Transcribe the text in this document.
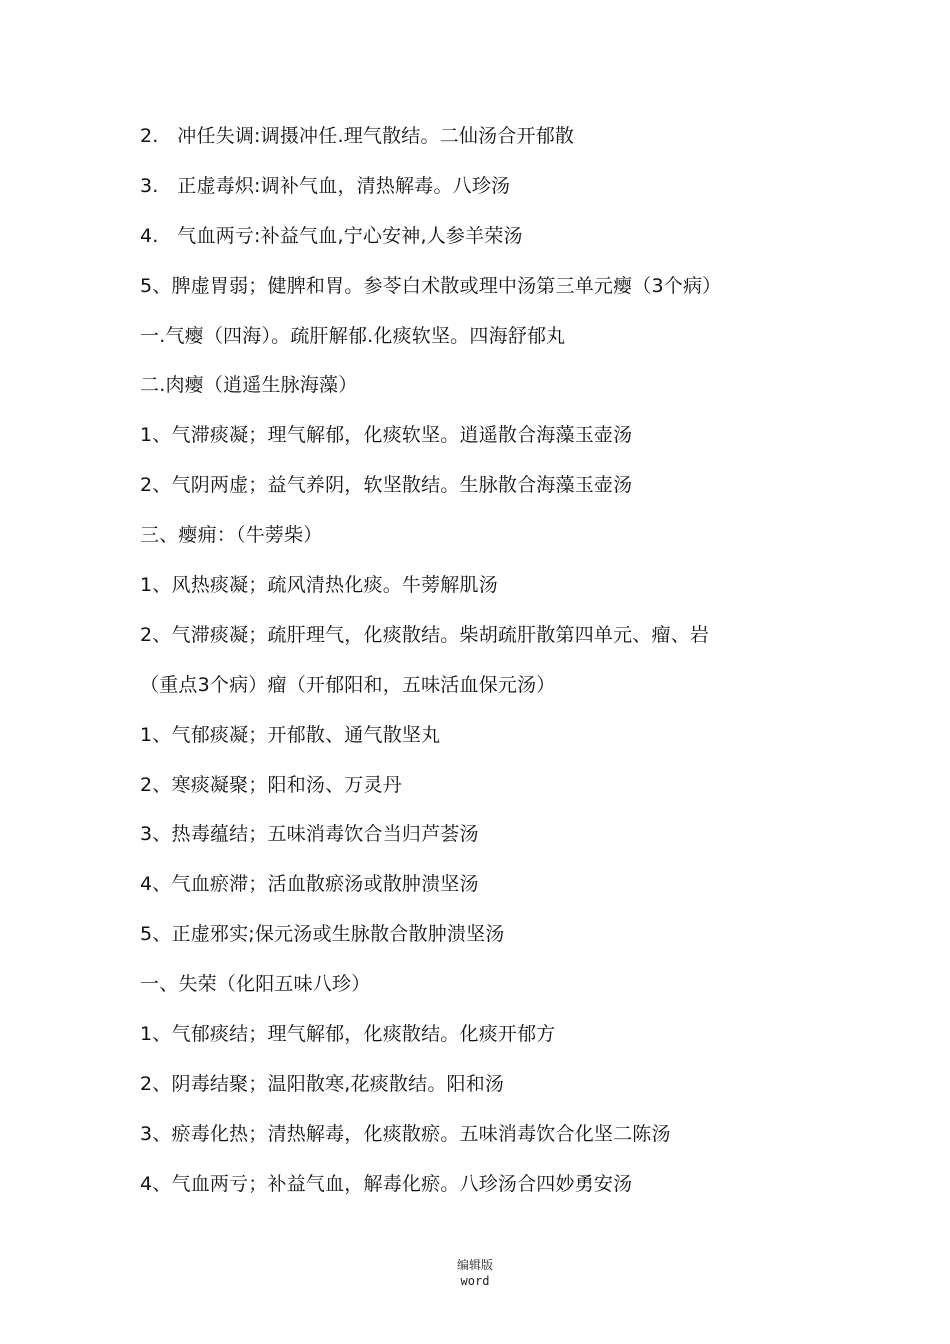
2.   冲任失调:调摄冲任.理气散结。二仙汤合开郁散
3.   正虚毒炽:调补气血，清热解毒。八珍汤
4.   气血两亏:补益气血,宁心安神,人参羊荣汤
5、脾虚胃弱；健脾和胃。参苓白术散或理中汤第三单元瘿（3个病）
一.气瘿（四海）。疏肝解郁.化痰软坚。四海舒郁丸
二.肉瘿（逍遥生脉海藻）
1、气滞痰凝；理气解郁，化痰软坚。逍遥散合海藻玉壶汤
2、气阴两虚；益气养阴，软坚散结。生脉散合海藻玉壶汤
三、瘿痈：（牛蒡柴）
1、风热痰凝；疏风清热化痰。牛蒡解肌汤
2、气滞痰凝；疏肝理气，化痰散结。柴胡疏肝散第四单元、瘤、岩
（重点3个病）瘤（开郁阳和，五味活血保元汤）
1、气郁痰凝；开郁散、通气散坚丸
2、寒痰凝聚；阳和汤、万灵丹
3、热毒蕴结；五味消毒饮合当归芦荟汤
4、气血瘀滞；活血散瘀汤或散肿溃坚汤
5、正虚邪实;保元汤或生脉散合散肿溃坚汤
一、失荣（化阳五味八珍）
1、气郁痰结；理气解郁，化痰散结。化痰开郁方
2、阴毒结聚；温阳散寒,花痰散结。阳和汤
3、瘀毒化热；清热解毒，化痰散瘀。五味消毒饮合化坚二陈汤
4、气血两亏；补益气血，解毒化瘀。八珍汤合四妙勇安汤
编辑版
word
